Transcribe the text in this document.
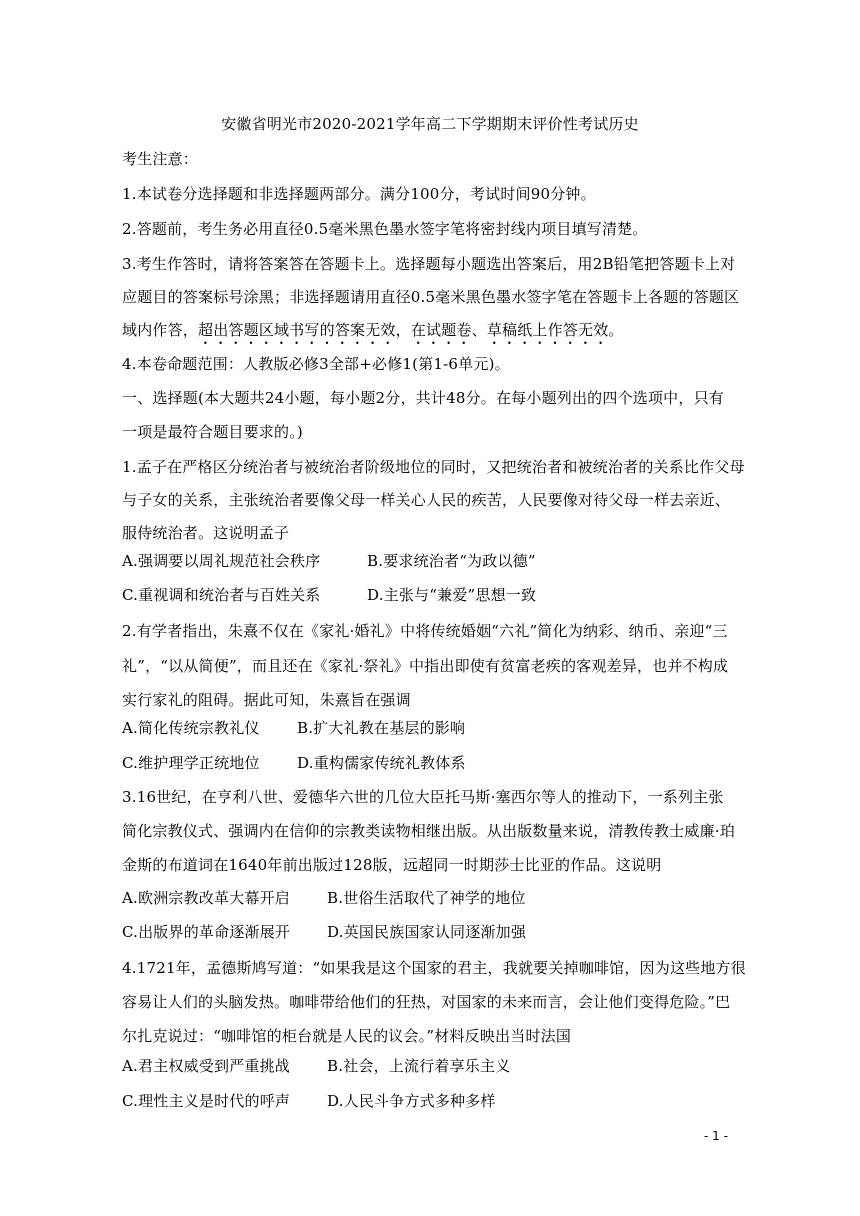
安徽省明光市2020-2021学年高二下学期期末评价性考试历史
考生注意：
1.本试卷分选择题和非选择题两部分。满分100分，考试时间90分钟。
2.答题前，考生务必用直径0.5毫米黑色墨水签字笔将密封线内项目填写清楚。
3.考生作答时，请将答案答在答题卡上。选择题每小题选出答案后，用2B铅笔把答题卡上对
应题目的答案标号涂黑；非选择题请用直径0.5毫米黑色墨水签字笔在答题卡上各题的答题区
域内作答，超出答题区域书写的答案无效，在试题卷、草稿纸上作答无效。
4.本卷命题范围：人教版必修3全部+必修1(第1-6单元)。
一、选择题(本大题共24小题，每小题2分，共计48分。在每小题列出的四个选项中，只有
一项是最符合题目要求的。)
1.孟子在严格区分统治者与被统治者阶级地位的同时，又把统治者和被统治者的关系比作父母
与子女的关系，主张统治者要像父母一样关心人民的疾苦，人民要像对待父母一样去亲近、
服侍统治者。这说明孟子
A.强调要以周礼规范社会秩序	B.要求统治者“为政以德”
C.重视调和统治者与百姓关系	D.主张与“兼爱”思想一致
2.有学者指出，朱熹不仅在《家礼·婚礼》中将传统婚姻“六礼”简化为纳彩、纳币、亲迎“三
礼”，“以从简便”，而且还在《家礼·祭礼》中指出即使有贫富老疾的客观差异，也并不构成
实行家礼的阻碍。据此可知，朱熹旨在强调
A.简化传统宗教礼仪 B.扩大礼教在基层的影响
C.维护理学正统地位 D.重构儒家传统礼教体系
3.16世纪，在亨利八世、爱德华六世的几位大臣托马斯·塞西尔等人的推动下，一系列主张
简化宗教仪式、强调内在信仰的宗教类读物相继出版。从出版数量来说，清教传教士威廉·珀
金斯的布道词在1640年前出版过128版，远超同一时期莎士比亚的作品。这说明
A.欧洲宗教改革大幕开启 B.世俗生活取代了神学的地位
C.出版界的革命逐渐展开 D.英国民族国家认同逐渐加强
4.1721年，孟德斯鸠写道：“如果我是这个国家的君主，我就要关掉咖啡馆，因为这些地方很
容易让人们的头脑发热。咖啡带给他们的狂热，对国家的未来而言，会让他们变得危险。”巴
尔扎克说过：“咖啡馆的柜台就是人民的议会。”材料反映出当时法国
A.君主权威受到严重挑战 B.社会，上流行着享乐主义
C.理性主义是时代的呼声 D.人民斗争方式多种多样
- 1 -
